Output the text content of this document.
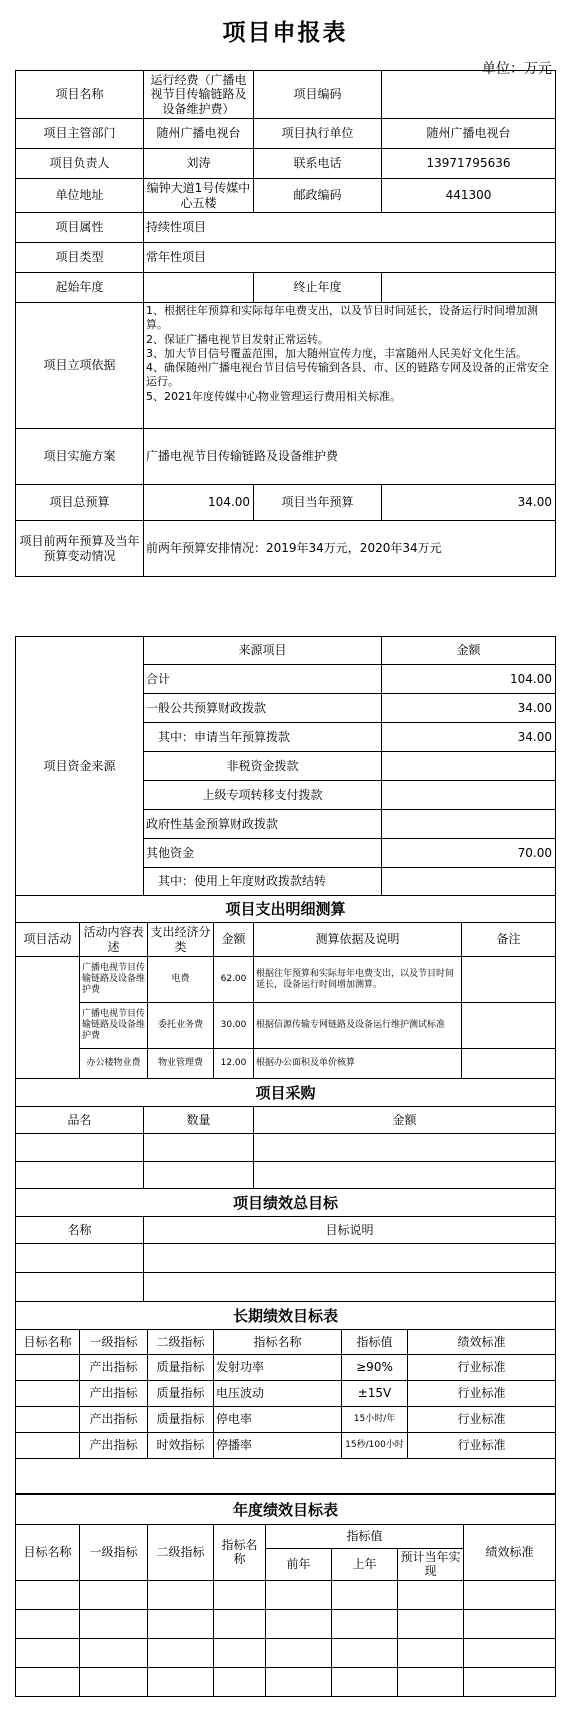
项目申报表
单位：万元
项目名称	运行经费（广播电视节目传输链路及设备维护费）	项目编码	
项目主管部门	随州广播电视台	项目执行单位	随州广播电视台
项目负责人	刘涛	联系电话	13971795636
单位地址	编钟大道1号传媒中心五楼	邮政编码	441300
项目属性	持续性项目		
项目类型	常年性项目		
起始年度		终止年度	
项目立项依据	1、根据往年预算和实际每年电费支出，以及节目时间延长，设备运行时间增加测算。
2、保证广播电视节目发射正常运转。
3、加大节目信号覆盖范围，加大随州宣传力度，丰富随州人民美好文化生活。
4、确保随州广播电视台节目信号传输到各县、市、区的链路专网及设备的正常安全运行。
5、2021年度传媒中心物业管理运行费用相关标准。		
项目实施方案	广播电视节目传输链路及设备维护费		
项目总预算	104.00	项目当年预算	34.00
项目前两年预算及当年预算变动情况	前两年预算安排情况：2019年34万元，2020年34万元		
项目资金来源	来源项目	金额
	合计	104.00
	一般公共预算财政拨款	34.00
	其中：申请当年预算拨款	34.00
	非税资金拨款	
	上级专项转移支付拨款	
	政府性基金预算财政拨款	
	其他资金	70.00
	其中：使用上年度财政拨款结转	
项目支出明细测算					
项目活动	活动内容表述	支出经济分类	金额	测算依据及说明	备注
	广播电视节目传输链路及设备维护费	电费	62.00	根据往年预算和实际每年电费支出，以及节目时间延长，设备运行时间增加测算。	
	广播电视节目传输链路及设备维护费	委托业务费	30.00	根据信源传输专网链路及设备运行维护测试标准	
	办公楼物业费	物业管理费	12.00	根据办公面积及单价核算	
项目采购		
品名	数量	金额

项目绩效总目标	
名称	目标说明

长期绩效目标表					
目标名称	一级指标	二级指标	指标名称	指标值	绩效标准
	产出指标	质量指标	发射功率	≥90%	行业标准
	产出指标	质量指标	电压波动	±15V	行业标准
	产出指标	质量指标	停电率	15小时/年	行业标准
	产出指标	时效指标	停播率	15秒/100小时	行业标准

年度绩效目标表							
目标名称	一级指标	二级指标	指标名称	指标值			绩效标准
				前年	上年	预计当年实现	
